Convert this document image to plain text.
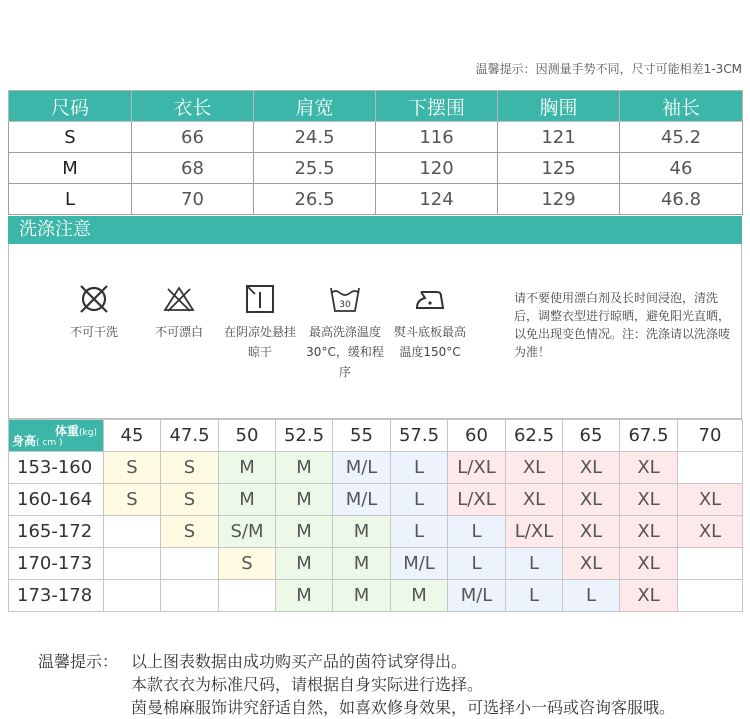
温馨提示：因测量手势不同，尺寸可能相差1-3CM
尺码	衣长	肩宽	下摆围	胸围	袖长
S	66	24.5	116	121	45.2
M	68	25.5	120	125	46
L	70	26.5	124	129	46.8
洗涤注意
不可干洗	不可漂白	在阴凉处悬挂晾干
30
最高洗涤温度30°C，缓和程序
熨斗底板最高温度150°C
请不要使用漂白剂及长时间浸泡，清洗后，调整衣型进行晾晒，避免阳光直晒，以免出现变色情况。注：洗涤请以洗涤唛为准！
体重(kg)
身高( cm )	45	47.5	50	52.5	55	57.5	60	62.5	65	67.5	70
153-160	S	S	M	M	M/L	L	L/XL	XL	XL	XL	
160-164	S	S	M	M	M/L	L	L/XL	XL	XL	XL	XL
165-172		S	S/M	M	M	L	L	L/XL	XL	XL	XL
170-173			S	M	M	M/L	L	L	XL	XL	
173-178				M	M	M	M/L	L	L	XL	
温馨提示： 以上图表数据由成功购买产品的茵符试穿得出。
本款衣衣为标准尺码，请根据自身实际进行选择。
茵曼棉麻服饰讲究舒适自然，如喜欢修身效果，可选择小一码或咨询客服哦。
